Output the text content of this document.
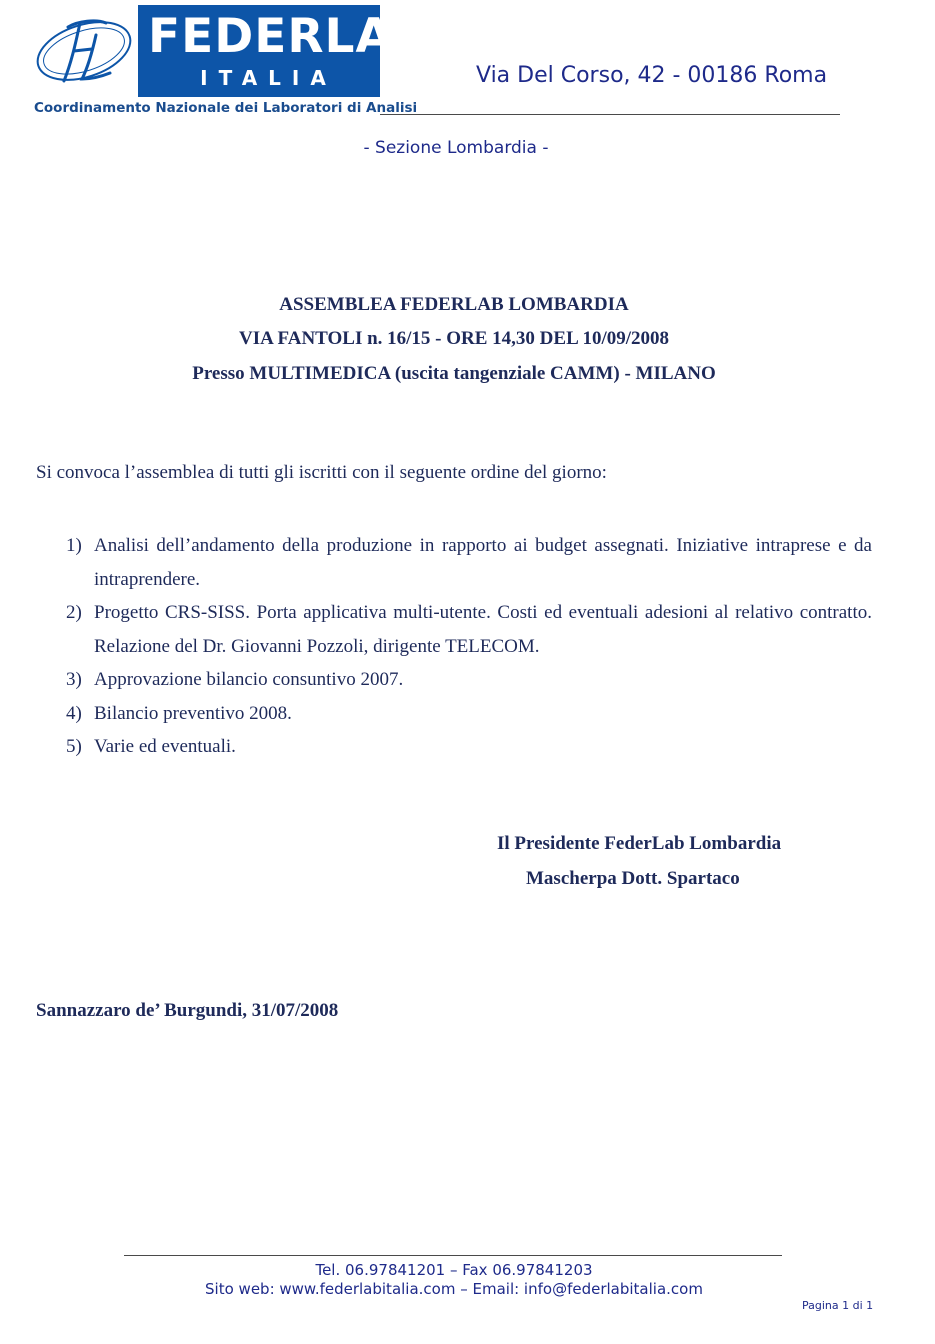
FEDERLAB
ITALIA	Via Del Corso, 42 - 00186 Roma
Coordinamento Nazionale dei Laboratori di Analisi
- Sezione Lombardia -
ASSEMBLEA FEDERLAB LOMBARDIA
VIA FANTOLI n. 16/15 - ORE 14,30 DEL 10/09/2008
Presso MULTIMEDICA (uscita tangenziale CAMM) - MILANO
Si convoca l’assemblea di tutti gli iscritti con il seguente ordine del giorno:
1) Analisi dell’andamento della produzione in rapporto ai budget assegnati. Iniziative intraprese e da intraprendere.
2) Progetto CRS-SISS. Porta applicativa multi-utente. Costi ed eventuali adesioni al relativo contratto. Relazione del Dr. Giovanni Pozzoli, dirigente TELECOM.
3) Approvazione bilancio consuntivo 2007.
4) Bilancio preventivo 2008.
5) Varie ed eventuali.
Il Presidente FederLab Lombardia
Mascherpa Dott. Spartaco
Sannazzaro de’ Burgundi, 31/07/2008
Tel. 06.97841201 – Fax 06.97841203
Sito web: www.federlabitalia.com – Email: info@federlabitalia.com
Pagina 1 di 1
